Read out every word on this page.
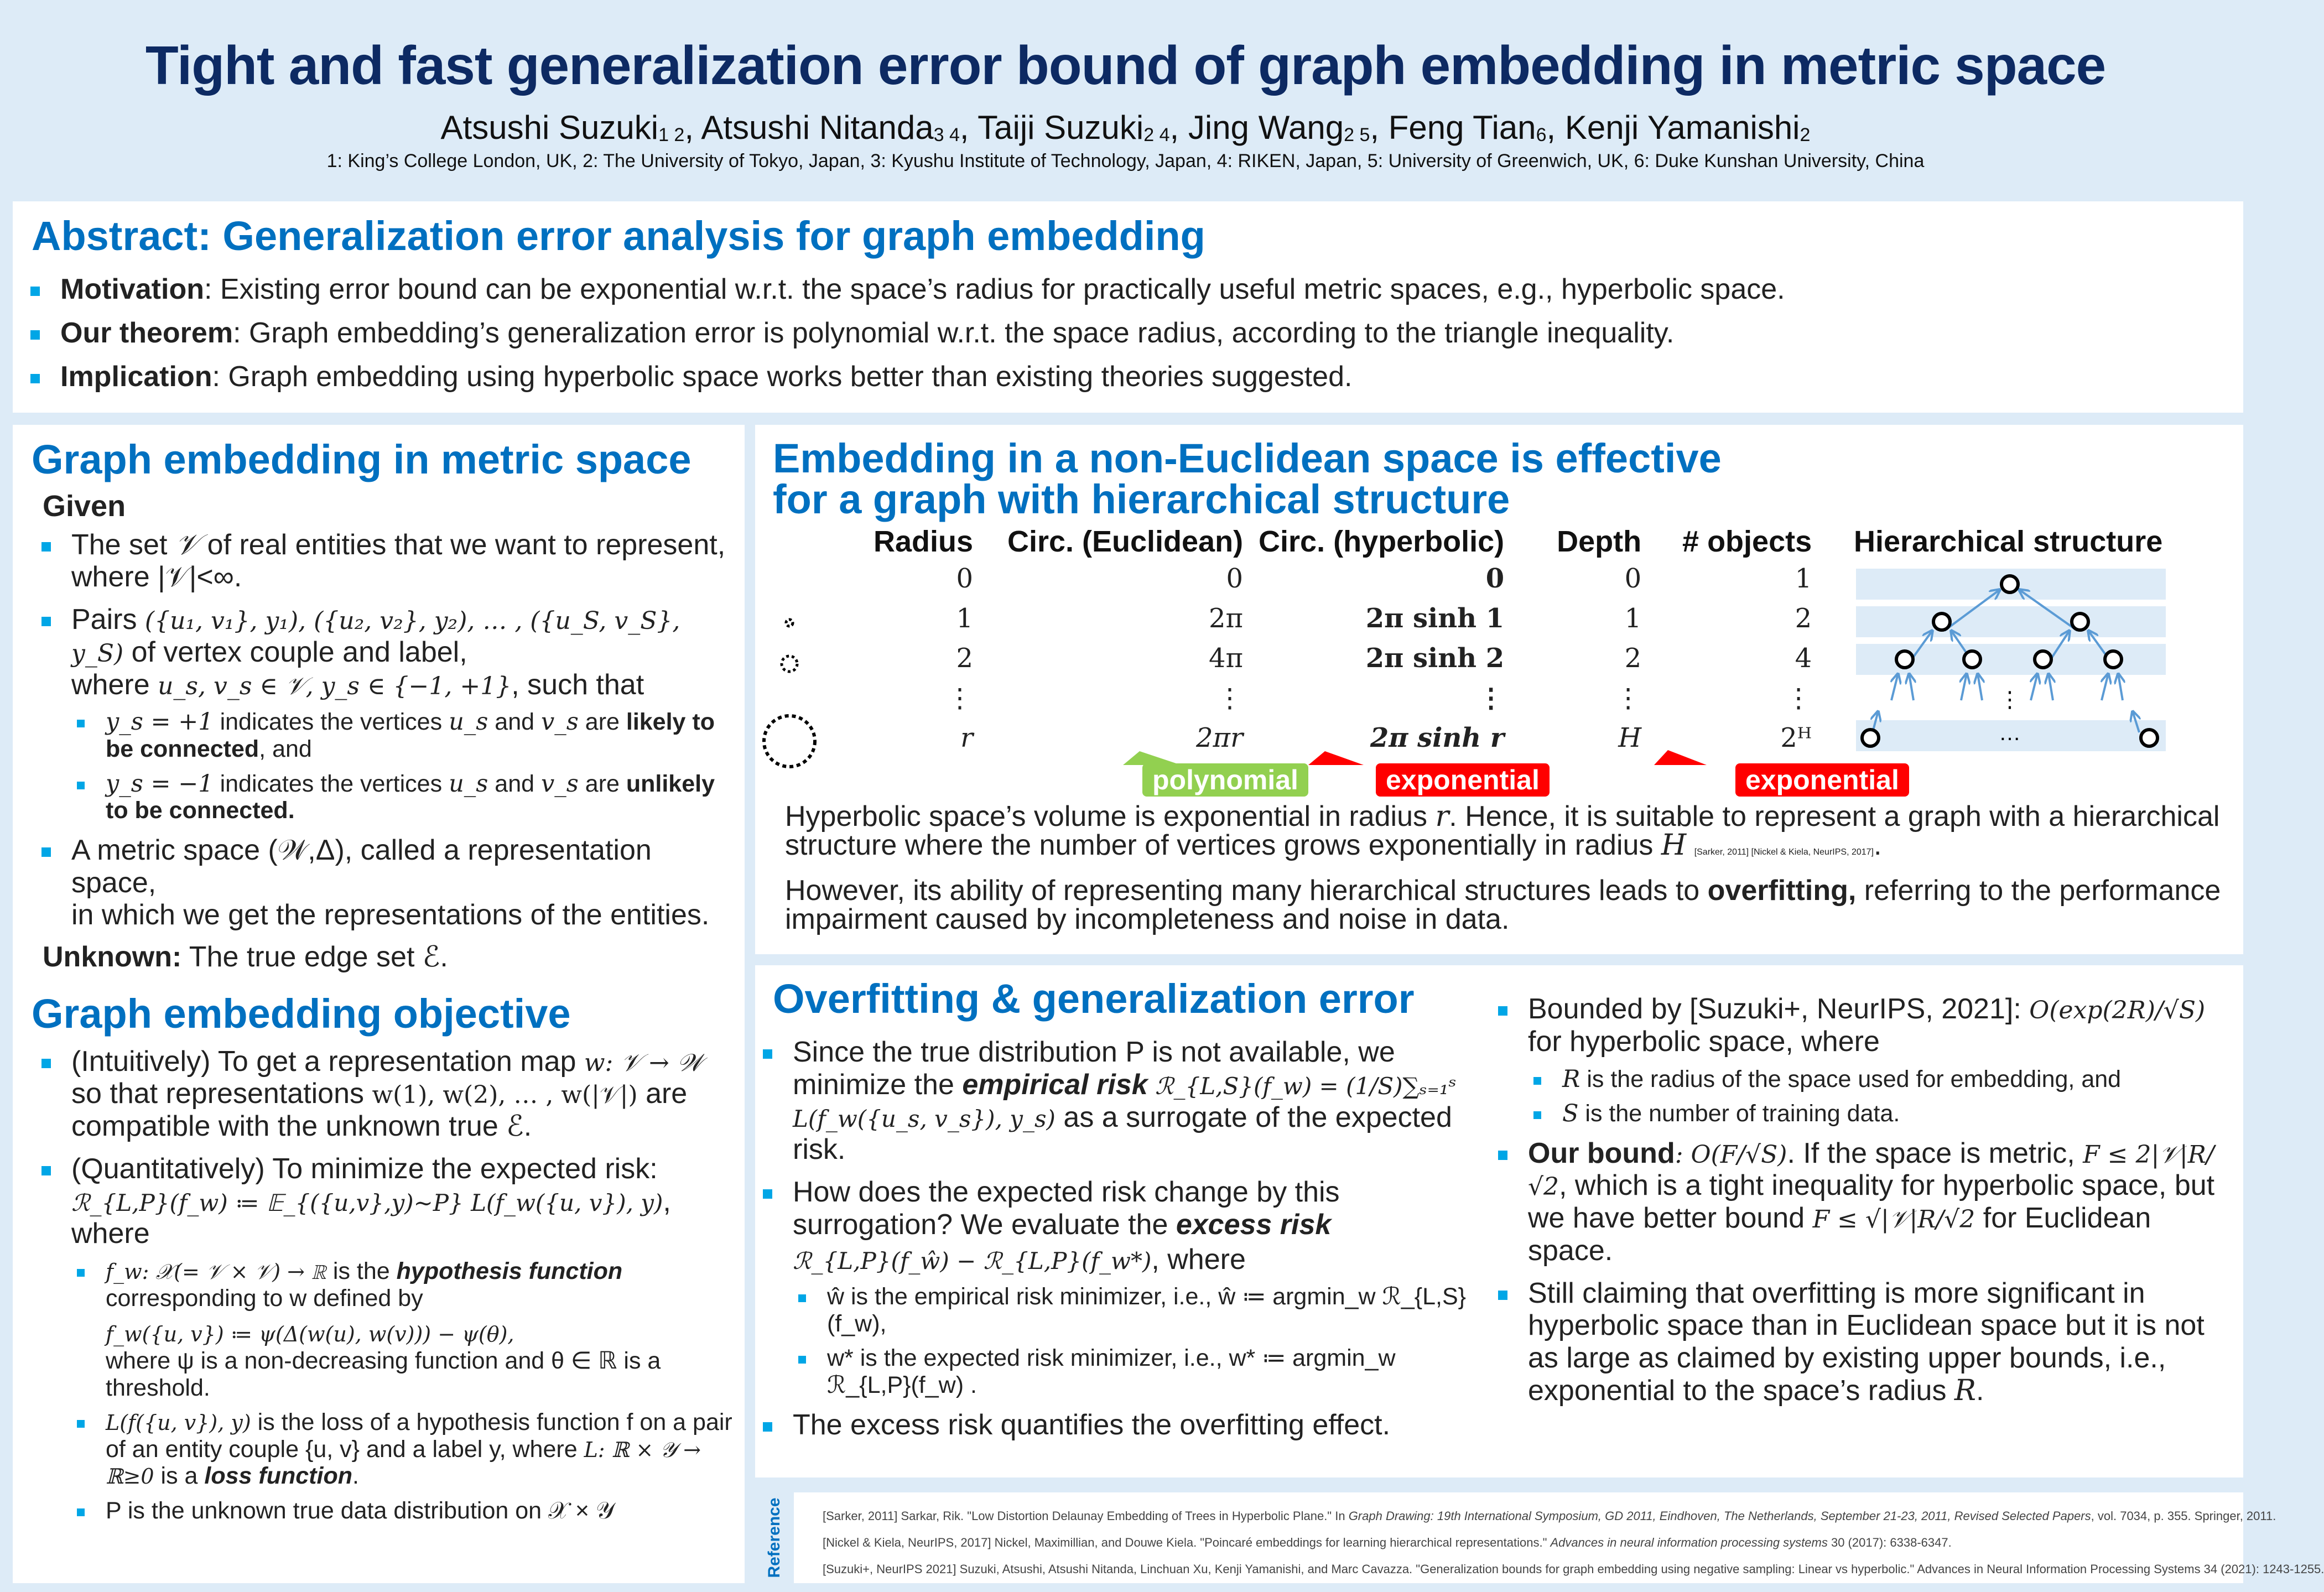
Tight and fast generalization error bound of graph embedding in metric space
Atsushi Suzuki$_{1 2}$, Atsushi Nitanda$_{3 4}$, Taiji Suzuki$_{2 4}$, Jing Wang$_{2 5}$, Feng Tian$_6$, Kenji Yamanishi$_2$
1: King’s College London, UK, 2: The University of Tokyo, Japan, 3: Kyushu Institute of Technology, Japan, 4: RIKEN, Japan, 5: University of Greenwich, UK, 6: Duke Kunshan University, China
Abstract: Generalization error analysis for graph embedding
Motivation: Existing error bound can be exponential w.r.t. the space’s radius for practically useful metric spaces, e.g., hyperbolic space.
Our theorem: Graph embedding’s generalization error is polynomial w.r.t. the space radius, according to the triangle inequality.
Implication: Graph embedding using hyperbolic space works better than existing theories suggested.
Graph embedding in metric space
Given
The set 𝒱 of real entities that we want to represent, where |𝒱|<∞.
Pairs ({u₁, v₁}, y₁), ({u₂, v₂}, y₂), … , ({u_S, v_S}, y_S) of vertex couple and label,
where u_s, v_s ∈ 𝒱, y_s ∈ {−1, +1}, such that
y_s = +1 indicates the vertices u_s and v_s are likely to be connected, and
y_s = −1 indicates the vertices u_s and v_s are unlikely to be connected.
A metric space (𝒲,Δ), called a representation space,
in which we get the representations of the entities.
Unknown: The true edge set ℰ.
Graph embedding objective
(Intuitively) To get a representation map w: 𝒱 → 𝒲 so that representations w(1), w(2), … , w(|𝒱|) are compatible with the unknown true ℰ.
(Quantitatively) To minimize the expected risk:
ℛ_{L,P}(f_w) ≔ 𝔼_{({u,v},y)∼P} L(f_w({u, v}), y), where
f_w: 𝒳(= 𝒱 × 𝒱) → ℝ is the hypothesis function corresponding to w defined by
f_w({u, v}) ≔ ψ(Δ(w(u), w(v))) − ψ(θ),
where ψ is a non-decreasing function and θ ∈ ℝ is a threshold.
L(f({u, v}), y) is the loss of a hypothesis function f on a pair of an entity couple {u, v} and a label y, where L: ℝ × 𝒴 → ℝ≥0 is a loss function.
P is the unknown true data distribution on 𝒳 × 𝒴
Embedding in a non-Euclidean space is effective
for a graph with hierarchical structure
Radius	Circ. (Euclidean)	Circ. (hyperbolic)	Depth	# objects
0	0	0	0	1
1	2π	2π sinh 1	1	2
2	4π	2π sinh 2	2	4
⋮	⋮	⋮	⋮	⋮
r	2πr	2π sinh r	H	2ᴴ
Hierarchical structure
⋮
…
polynomial	exponential	exponential
Hyperbolic space’s volume is exponential in radius r. Hence, it is suitable to represent a graph with a hierarchical structure where the number of vertices grows exponentially in radius H [Sarker, 2011] [Nickel & Kiela, NeurIPS, 2017].
However, its ability of representing many hierarchical structures leads to overfitting, referring to the performance impairment caused by incompleteness and noise in data.
Overfitting & generalization error
Since the true distribution P is not available, we minimize the empirical risk ℛ_{L,S}(f_w) = (1/S)∑ₛ₌₁ˢ L(f_w({u_s, v_s}), y_s) as a surrogate of the expected risk.
How does the expected risk change by this surrogation? We evaluate the excess risk
ℛ_{L,P}(f_ŵ) − ℛ_{L,P}(f_w*), where
ŵ is the empirical risk minimizer, i.e., ŵ ≔ argmin_w ℛ_{L,S}(f_w),
w* is the expected risk minimizer, i.e., w* ≔ argmin_w ℛ_{L,P}(f_w) .
The excess risk quantifies the overfitting effect.
Bounded by [Suzuki+, NeurIPS, 2021]: O(exp(2R)/√S) for hyperbolic space, where
R is the radius of the space used for embedding, and
S is the number of training data.
Our bound: O(F/√S). If the space is metric, F ≤ 2|𝒱|R/√2, which is a tight inequality for hyperbolic space, but we have better bound F ≤ √|𝒱|R/√2 for Euclidean space.
Still claiming that overfitting is more significant in hyperbolic space than in Euclidean space but it is not as large as claimed by existing upper bounds, i.e., exponential to the space’s radius R.
Reference	[Sarker, 2011] Sarkar, Rik. "Low Distortion Delaunay Embedding of Trees in Hyperbolic Plane." In Graph Drawing: 19th International Symposium, GD 2011, Eindhoven, The Netherlands, September 21-23, 2011, Revised Selected Papers, vol. 7034, p. 355. Springer, 2011.
[Nickel & Kiela, NeurIPS, 2017] Nickel, Maximillian, and Douwe Kiela. "Poincaré embeddings for learning hierarchical representations." Advances in neural information processing systems 30 (2017): 6338-6347.
[Suzuki+, NeurIPS 2021] Suzuki, Atsushi, Atsushi Nitanda, Linchuan Xu, Kenji Yamanishi, and Marc Cavazza. "Generalization bounds for graph embedding using negative sampling: Linear vs hyperbolic." Advances in Neural Information Processing Systems 34 (2021): 1243-1255.
